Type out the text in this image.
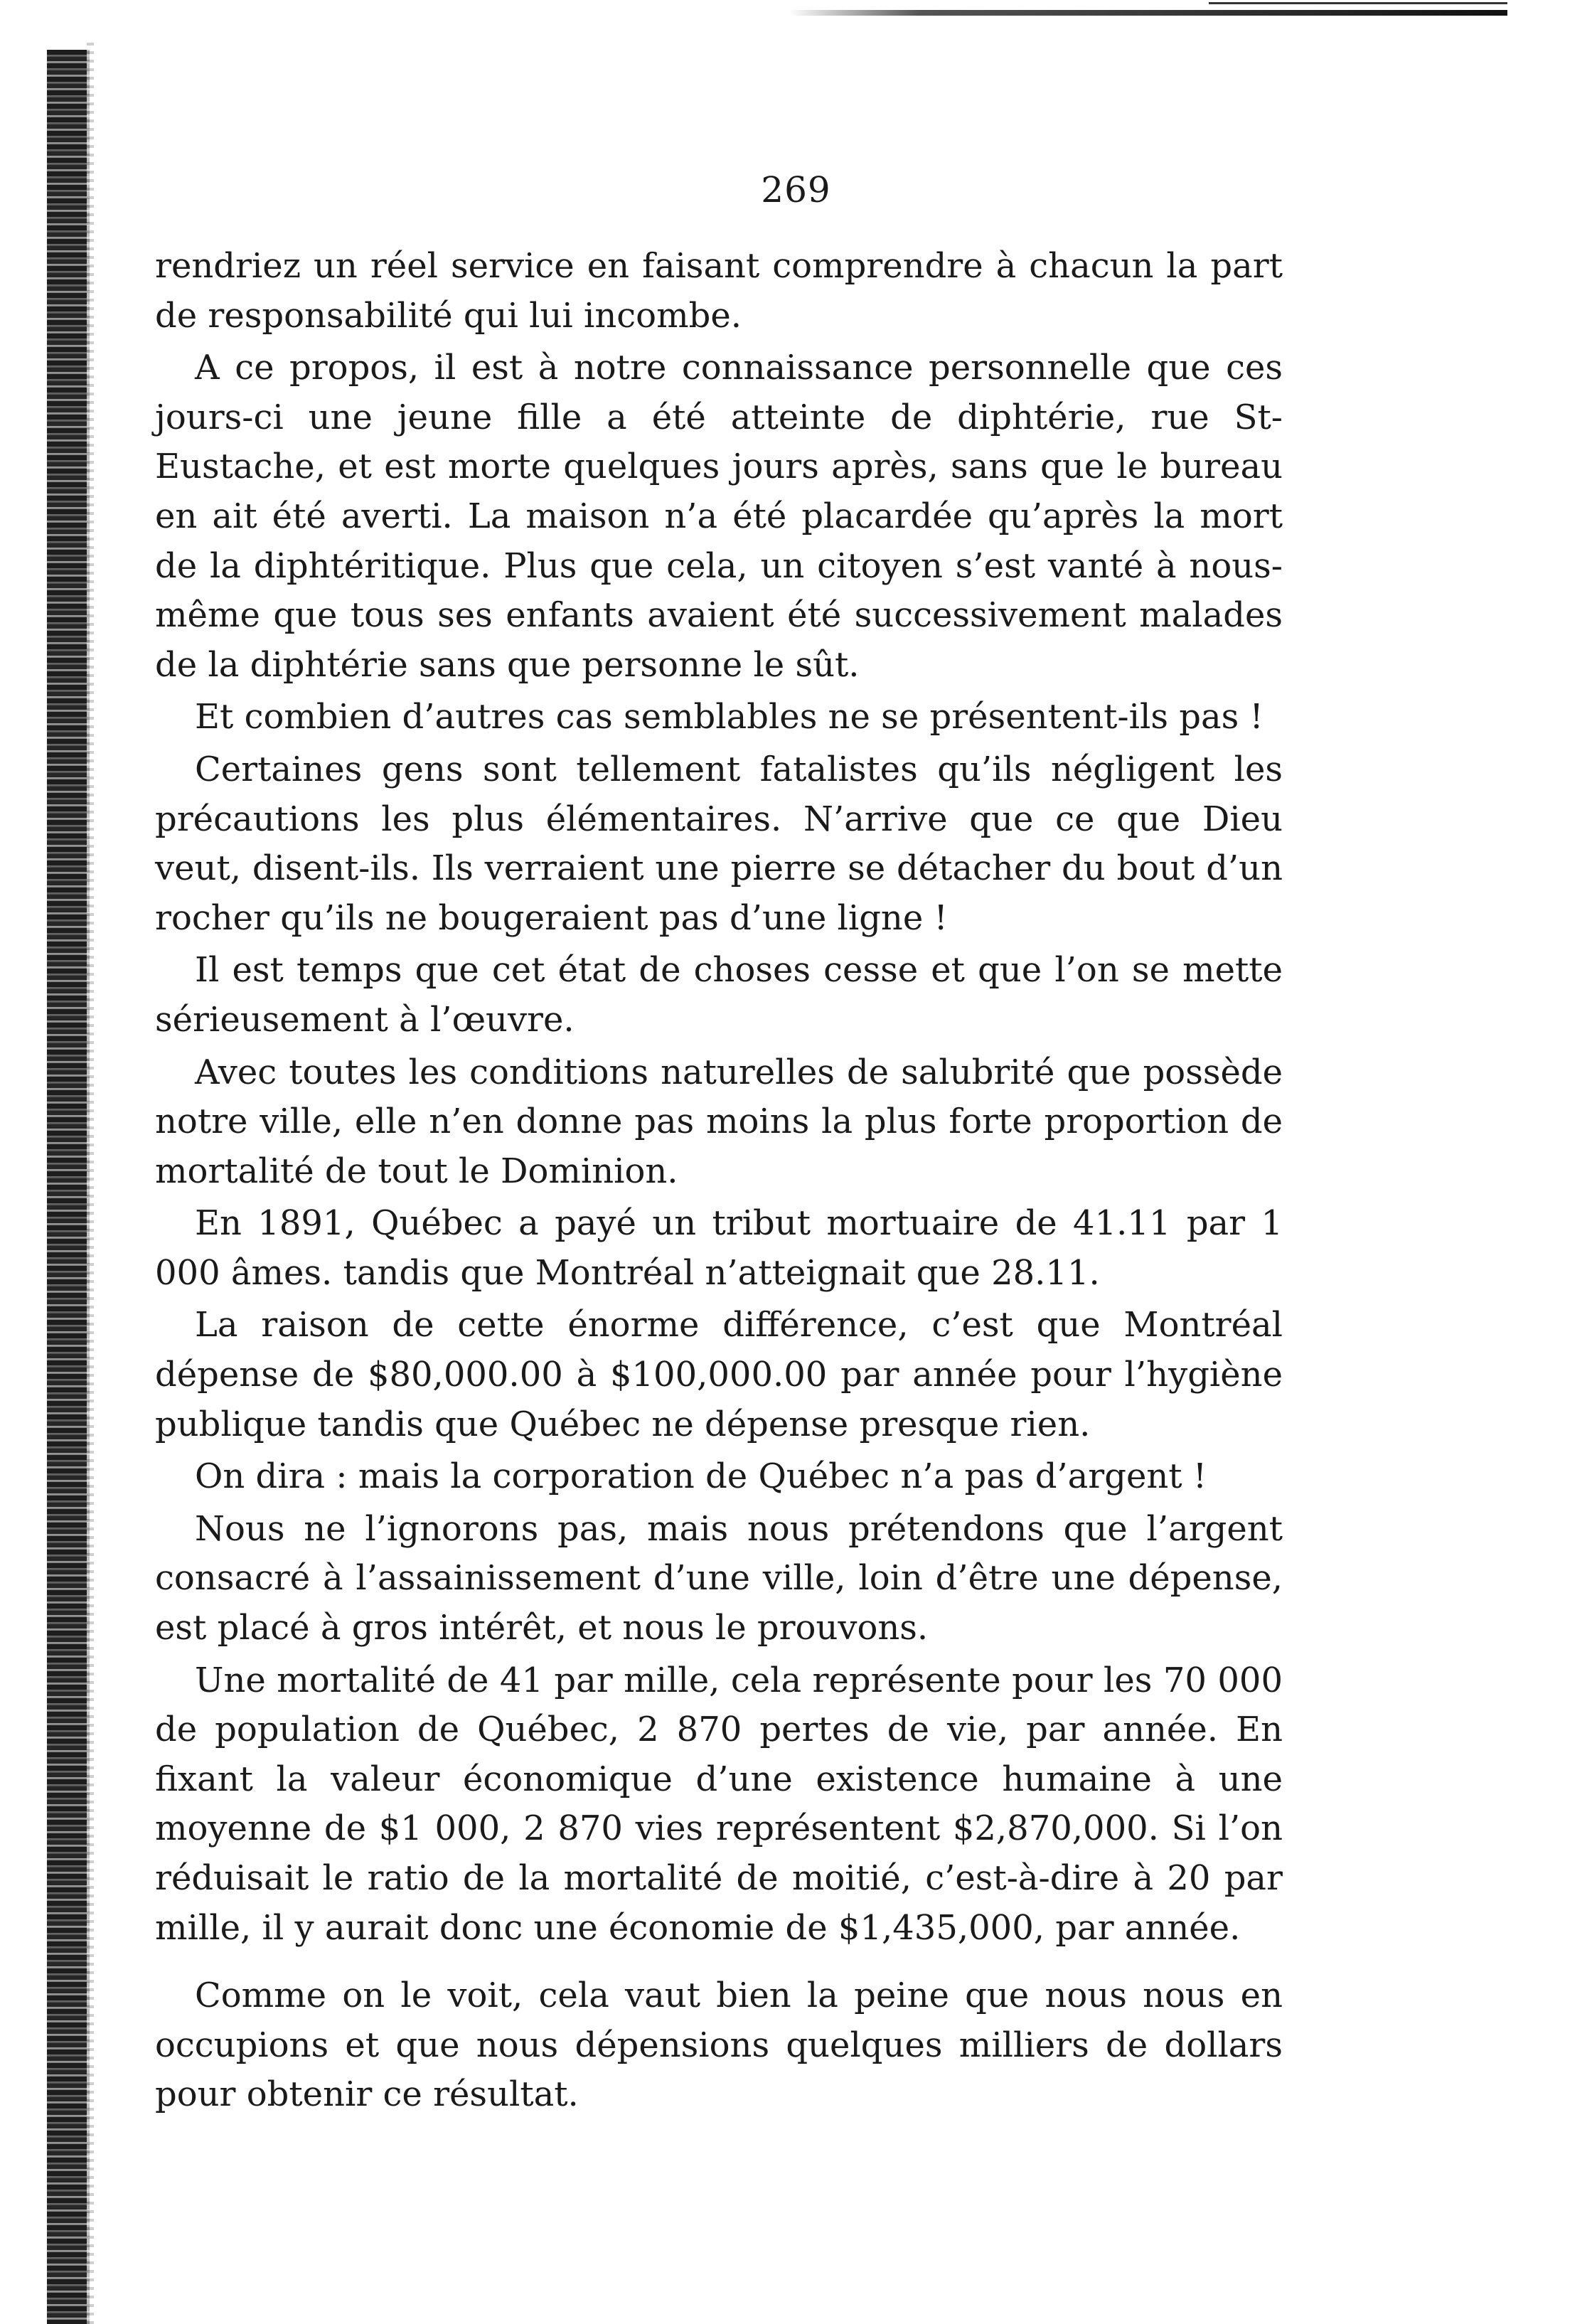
269

rendriez un réel service en faisant comprendre à chacun la part de responsabilité qui lui incombe.

A ce propos, il est à notre connaissance personnelle que ces jours-ci une jeune fille a été atteinte de diphtérie, rue St-Eustache, et est morte quelques jours après, sans que le bureau en ait été averti. La maison n’a été placardée qu’après la mort de la diphtéritique. Plus que cela, un citoyen s’est vanté à nous-même que tous ses enfants avaient été successivement malades de la diphtérie sans que personne le sût.

Et combien d’autres cas semblables ne se présentent-ils pas !

Certaines gens sont tellement fatalistes qu’ils négligent les précautions les plus élémentaires. N’arrive que ce que Dieu veut, disent-ils. Ils verraient une pierre se détacher du bout d’un rocher qu’ils ne bougeraient pas d’une ligne !

Il est temps que cet état de choses cesse et que l’on se mette sérieusement à l’œuvre.

Avec toutes les conditions naturelles de salubrité que possède notre ville, elle n’en donne pas moins la plus forte proportion de mortalité de tout le Dominion.

En 1891, Québec a payé un tribut mortuaire de 41.11 par 1 000 âmes. tandis que Montréal n’atteignait que 28.11.

La raison de cette énorme différence, c’est que Montréal dépense de $80,000.00 à $100,000.00 par année pour l’hygiène publique tandis que Québec ne dépense presque rien.

On dira : mais la corporation de Québec n’a pas d’argent !

Nous ne l’ignorons pas, mais nous prétendons que l’argent consacré à l’assainissement d’une ville, loin d’être une dépense, est placé à gros intérêt, et nous le prouvons.

Une mortalité de 41 par mille, cela représente pour les 70 000 de population de Québec, 2 870 pertes de vie, par année. En fixant la valeur économique d’une existence humaine à une moyenne de $1 000, 2 870 vies représentent $2,870,000. Si l’on réduisait le ratio de la mortalité de moitié, c’est-à-dire à 20 par mille, il y aurait donc une économie de $1,435,000, par année.

Comme on le voit, cela vaut bien la peine que nous nous en occupions et que nous dépensions quelques milliers de dollars pour obtenir ce résultat.
